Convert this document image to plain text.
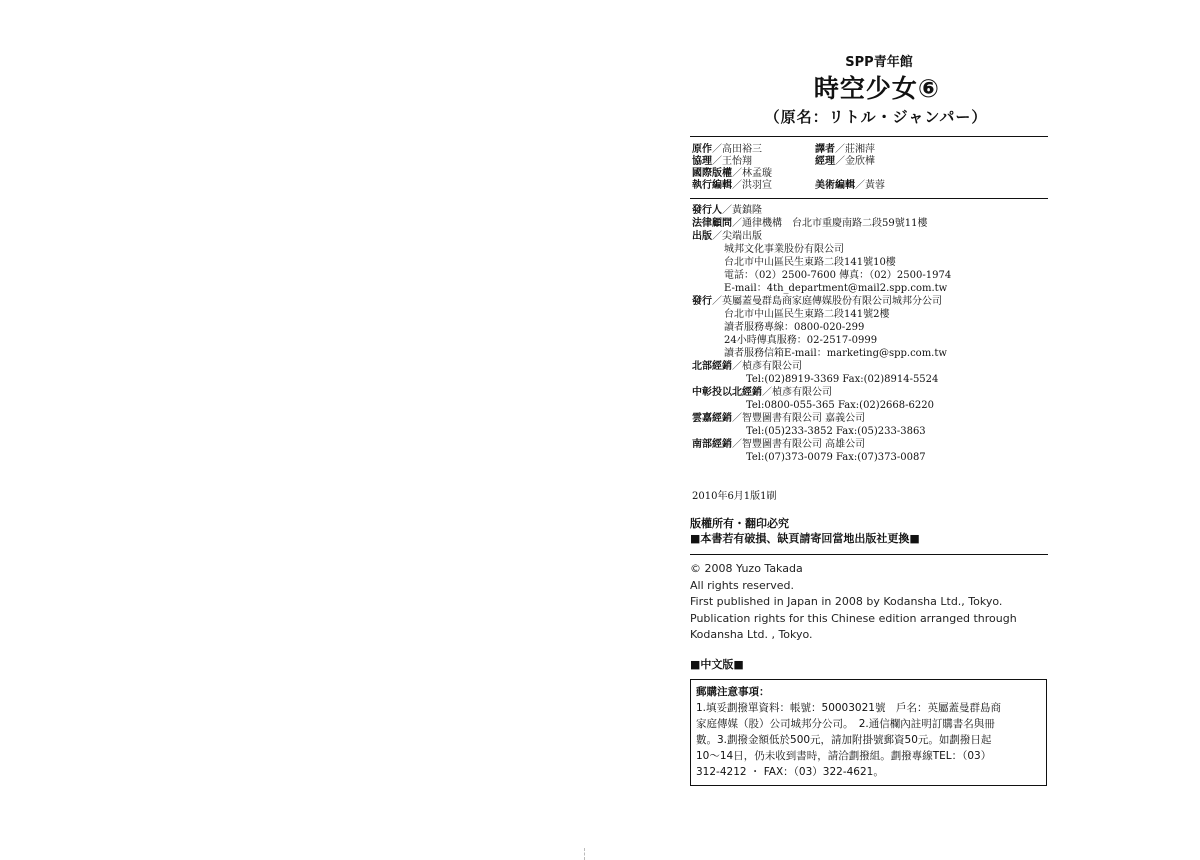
SPP青年館
時空少女⑥
（原名：リトル・ジャンパー）
原作／高田裕三	譯者／莊湘萍
協理／王怡翔	經理／金欣樺
國際版權／林孟璇
執行編輯／洪羽宣	美術編輯／黃蓉
發行人／黃鎮隆
法律顧問／通律機構　台北市重慶南路二段59號11樓
出版／尖端出版
城邦文化事業股份有限公司
台北市中山區民生東路二段141號10樓
電話：（02）2500-7600 傳真：（02）2500-1974
E-mail：4th_department@mail2.spp.com.tw
發行／英屬蓋曼群島商家庭傳媒股份有限公司城邦分公司
台北市中山區民生東路二段141號2樓
讀者服務專線：0800-020-299
24小時傳真服務：02-2517-0999
讀者服務信箱E-mail：marketing@spp.com.tw
北部經銷／楨彥有限公司
Tel:(02)8919-3369 Fax:(02)8914-5524
中彰投以北經銷／楨彥有限公司
Tel:0800-055-365 Fax:(02)2668-6220
雲嘉經銷／智豐圖書有限公司 嘉義公司
Tel:(05)233-3852 Fax:(05)233-3863
南部經銷／智豐圖書有限公司 高雄公司
Tel:(07)373-0079 Fax:(07)373-0087
2010年6月1版1刷
版權所有・翻印必究
■本書若有破損、缺頁請寄回當地出版社更換■
© 2008 Yuzo Takada
All rights reserved.
First published in Japan in 2008 by Kodansha Ltd., Tokyo.
Publication rights for this Chinese edition arranged through
Kodansha Ltd. , Tokyo.
■中文版■
郵購注意事項：
1.填妥劃撥單資料：帳號：50003021號　戶名：英屬蓋曼群島商
家庭傳媒（股）公司城邦分公司。　2.通信欄內註明訂購書名與冊
數。3.劃撥金額低於500元，請加附掛號郵資50元。如劃撥日起
10～14日，仍未收到書時，請洽劃撥組。劃撥專線TEL：（03）
312-4212 ・ FAX：（03）322-4621。
